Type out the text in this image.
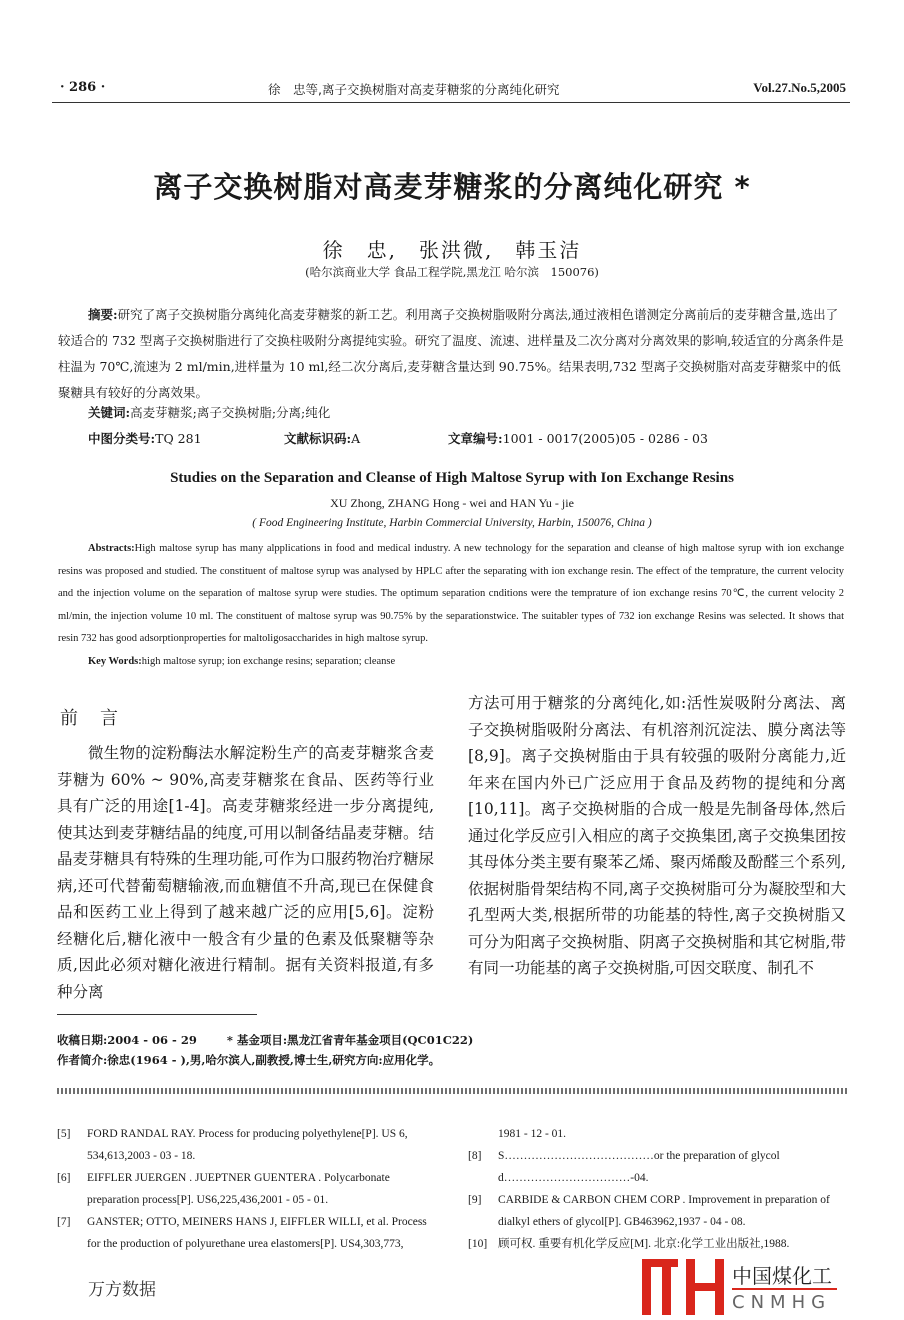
· 286 ·	徐　忠等,离子交换树脂对高麦芽糖浆的分离纯化研究	Vol.27.No.5,2005
离子交换树脂对高麦芽糖浆的分离纯化研究 *
徐　忠,　张洪微,　韩玉洁
(哈尔滨商业大学 食品工程学院,黑龙江 哈尔滨　150076)
摘要:研究了离子交换树脂分离纯化高麦芽糖浆的新工艺。利用离子交换树脂吸附分离法,通过液相色谱测定分离前后的麦芽糖含量,选出了较适合的 732 型离子交换树脂进行了交换柱吸附分离提纯实验。研究了温度、流速、进样量及二次分离对分离效果的影响,较适宜的分离条件是柱温为 70℃,流速为 2 ml/min,进样量为 10 ml,经二次分离后,麦芽糖含量达到 90.75%。结果表明,732 型离子交换树脂对高麦芽糖浆中的低聚糖具有较好的分离效果。
关键词:高麦芽糖浆;离子交换树脂;分离;纯化
中图分类号:TQ 281	文献标识码:A	文章编号:1001 - 0017(2005)05 - 0286 - 03
Studies on the Separation and Cleanse of High Maltose Syrup with Ion Exchange Resins
XU Zhong, ZHANG Hong - wei and HAN Yu - jie
( Food Engineering Institute, Harbin Commercial University, Harbin, 150076, China )
Abstracts:High maltose syrup has many alpplications in food and medical industry. A new technology for the separation and cleanse of high maltose syrup with ion exchange resins was proposed and studied. The constituent of maltose syrup was analysed by HPLC after the separating with ion exchange resin. The effect of the temprature, the current velocity and the injection volume on the separation of maltose syrup were studies. The optimum separation cnditions were the temprature of ion exchange resins 70℃, the current velocity 2 ml/min, the injection volume 10 ml. The constituent of maltose syrup was 90.75% by the separationstwice. The suitabler types of 732 ion exchange Resins was selected. It shows that resin 732 has good adsorptionproperties for maltoligosaccharides in high maltose syrup.
Key Words:high maltose syrup; ion exchange resins; separation; cleanse
前言
微生物的淀粉酶法水解淀粉生产的高麦芽糖浆含麦芽糖为 60% ~ 90%,高麦芽糖浆在食品、医药等行业具有广泛的用途[1-4]。高麦芽糖浆经进一步分离提纯,使其达到麦芽糖结晶的纯度,可用以制备结晶麦芽糖。结晶麦芽糖具有特殊的生理功能,可作为口服药物治疗糖尿病,还可代替葡萄糖输液,而血糖值不升高,现已在保健食品和医药工业上得到了越来越广泛的应用[5,6]。淀粉经糖化后,糖化液中一般含有少量的色素及低聚糖等杂质,因此必须对糖化液进行精制。据有关资料报道,有多种分离
方法可用于糖浆的分离纯化,如:活性炭吸附分离法、离子交换树脂吸附分离法、有机溶剂沉淀法、膜分离法等[8,9]。离子交换树脂由于具有较强的吸附分离能力,近年来在国内外已广泛应用于食品及药物的提纯和分离[10,11]。离子交换树脂的合成一般是先制备母体,然后通过化学反应引入相应的离子交换集团,离子交换集团按其母体分类主要有聚苯乙烯、聚丙烯酸及酚醛三个系列,依据树脂骨架结构不同,离子交换树脂可分为凝胶型和大孔型两大类,根据所带的功能基的特性,离子交换树脂又可分为阳离子交换树脂、阴离子交换树脂和其它树脂,带有同一功能基的离子交换树脂,可因交联度、制孔不
收稿日期:2004 - 06 - 29	* 基金项目:黑龙江省青年基金项目(QC01C22)
作者简介:徐忠(1964 - ),男,哈尔滨人,副教授,博士生,研究方向:应用化学。
[5] FORD RANDAL RAY. Process for producing polyethylene[P]. US 6, 534,613,2003 - 03 - 18.
[6] EIFFLER JUERGEN . JUEPTNER GUENTERA . Polycarbonate preparation process[P]. US6,225,436,2001 - 05 - 01.
[7] GANSTER; OTTO, MEINERS HANS J, EIFFLER WILLI, et al. Process for the production of polyurethane urea elastomers[P]. US4,303,773,
1981 - 12 - 01.
[8] S…………………………………or the preparation of glycol d……………………………-04.
[9] CARBIDE & CARBON CHEM CORP . Improvement in preparation of dialkyl ethers of glycol[P]. GB463962,1937 - 04 - 08.
[10] 顾可权. 重要有机化学反应[M]. 北京:化学工业出版社,1988.
中国煤化工
CNMHG
万方数据
